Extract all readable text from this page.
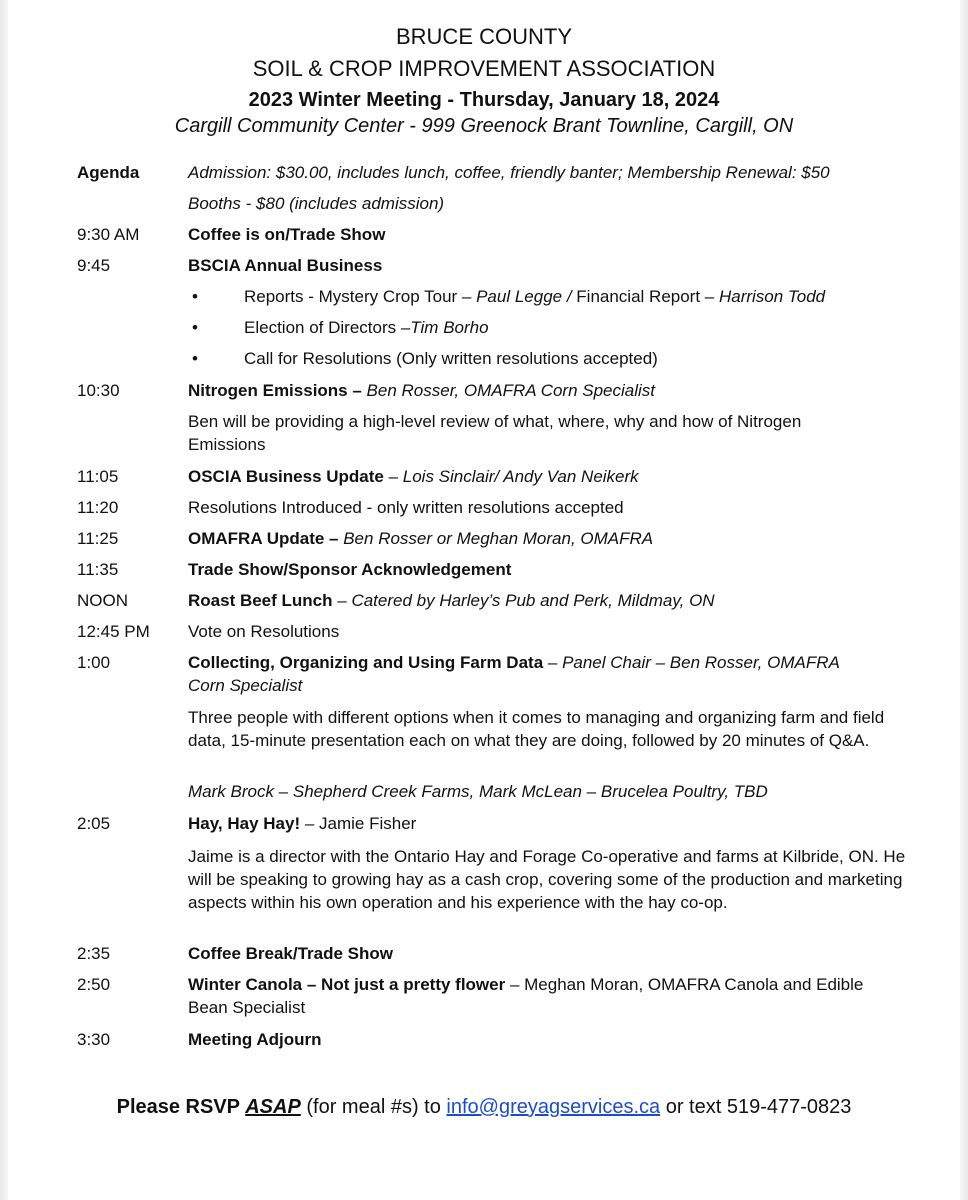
BRUCE COUNTY
SOIL & CROP IMPROVEMENT ASSOCIATION
2023 Winter Meeting - Thursday, January 18, 2024
Cargill Community Center - 999 Greenock Brant Townline, Cargill, ON
Agenda	Admission: $30.00, includes lunch, coffee, friendly banter; Membership Renewal: $50
Booths - $80 (includes admission)
9:30 AM	Coffee is on/Trade Show
9:45	BSCIA Annual Business
•	Reports - Mystery Crop Tour – Paul Legge / Financial Report – Harrison Todd
•	Election of Directors –Tim Borho
•	Call for Resolutions (Only written resolutions accepted)
10:30	Nitrogen Emissions – Ben Rosser, OMAFRA Corn Specialist
Ben will be providing a high-level review of what, where, why and how of Nitrogen Emissions
11:05	OSCIA Business Update – Lois Sinclair/ Andy Van Neikerk
11:20	Resolutions Introduced - only written resolutions accepted
11:25	OMAFRA Update – Ben Rosser or Meghan Moran, OMAFRA
11:35	Trade Show/Sponsor Acknowledgement
NOON	Roast Beef Lunch – Catered by Harley’s Pub and Perk, Mildmay, ON
12:45 PM Vote on Resolutions
1:00	Collecting, Organizing and Using Farm Data – Panel Chair – Ben Rosser, OMAFRA Corn Specialist
Three people with different options when it comes to managing and organizing farm and field data, 15-minute presentation each on what they are doing, followed by 20 minutes of Q&A.
Mark Brock – Shepherd Creek Farms, Mark McLean – Brucelea Poultry, TBD
2:05	Hay, Hay Hay! – Jamie Fisher
Jaime is a director with the Ontario Hay and Forage Co-operative and farms at Kilbride, ON. He will be speaking to growing hay as a cash crop, covering some of the production and marketing aspects within his own operation and his experience with the hay co-op.
2:35	Coffee Break/Trade Show
2:50	Winter Canola – Not just a pretty flower – Meghan Moran, OMAFRA Canola and Edible Bean Specialist
3:30	Meeting Adjourn
Please RSVP ASAP (for meal #s) to info@greyagservices.ca or text 519-477-0823
